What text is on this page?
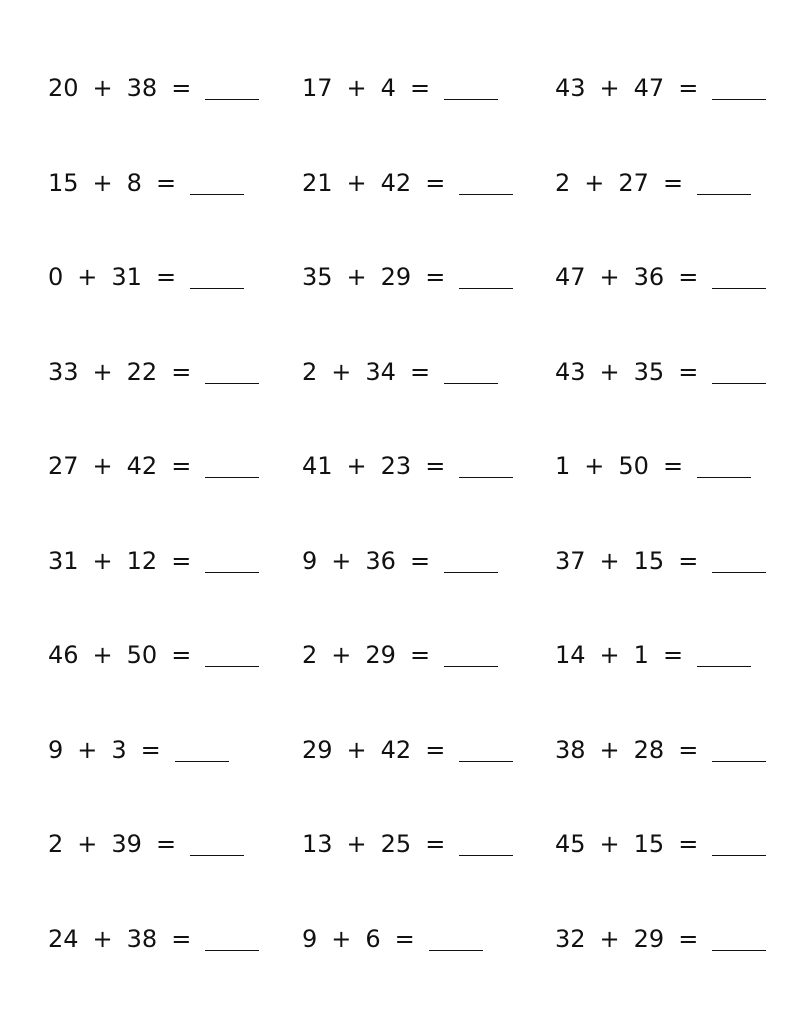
20 + 38 =	17 + 4 =	43 + 47 =
15 + 8 =	21 + 42 =	2 + 27 =
0 + 31 =	35 + 29 =	47 + 36 =
33 + 22 =	2 + 34 =	43 + 35 =
27 + 42 =	41 + 23 =	1 + 50 =
31 + 12 =	9 + 36 =	37 + 15 =
46 + 50 =	2 + 29 =	14 + 1 =
9 + 3 =	29 + 42 =	38 + 28 =
2 + 39 =	13 + 25 =	45 + 15 =
24 + 38 =	9 + 6 =	32 + 29 =
